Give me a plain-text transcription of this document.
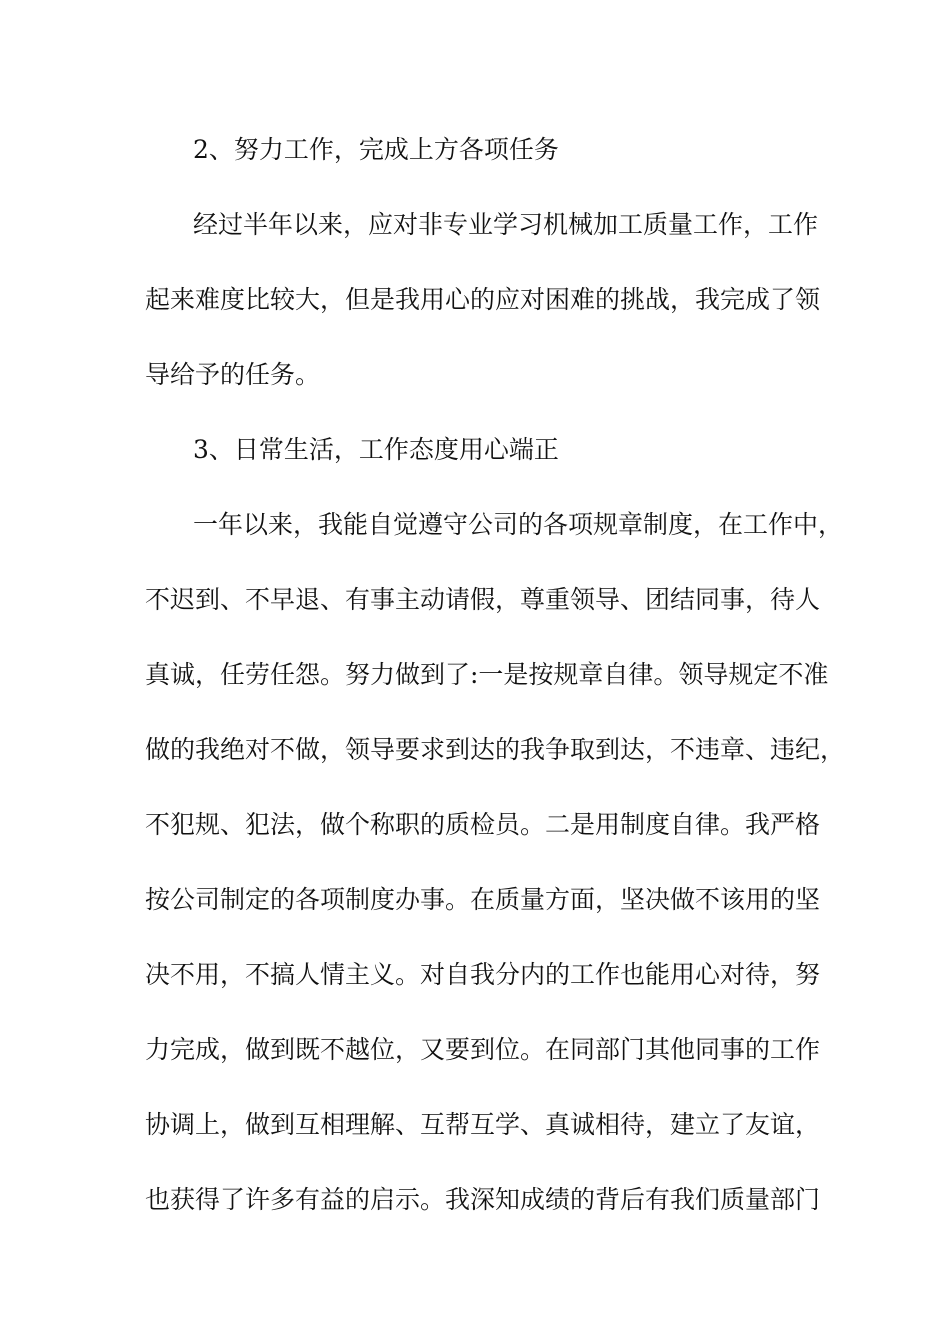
2、努力工作，完成上方各项任务
经过半年以来，应对非专业学习机械加工质量工作，工作
起来难度比较大，但是我用心的应对困难的挑战，我完成了领
导给予的任务。
3、日常生活，工作态度用心端正
一年以来，我能自觉遵守公司的各项规章制度，在工作中，
不迟到、不早退、有事主动请假，尊重领导、团结同事，待人
真诚，任劳任怨。努力做到了:一是按规章自律。领导规定不准
做的我绝对不做，领导要求到达的我争取到达，不违章、违纪，
不犯规、犯法，做个称职的质检员。二是用制度自律。我严格
按公司制定的各项制度办事。在质量方面，坚决做不该用的坚
决不用，不搞人情主义。对自我分内的工作也能用心对待，努
力完成，做到既不越位，又要到位。在同部门其他同事的工作
协调上，做到互相理解、互帮互学、真诚相待，建立了友谊，
也获得了许多有益的启示。我深知成绩的背后有我们质量部门
